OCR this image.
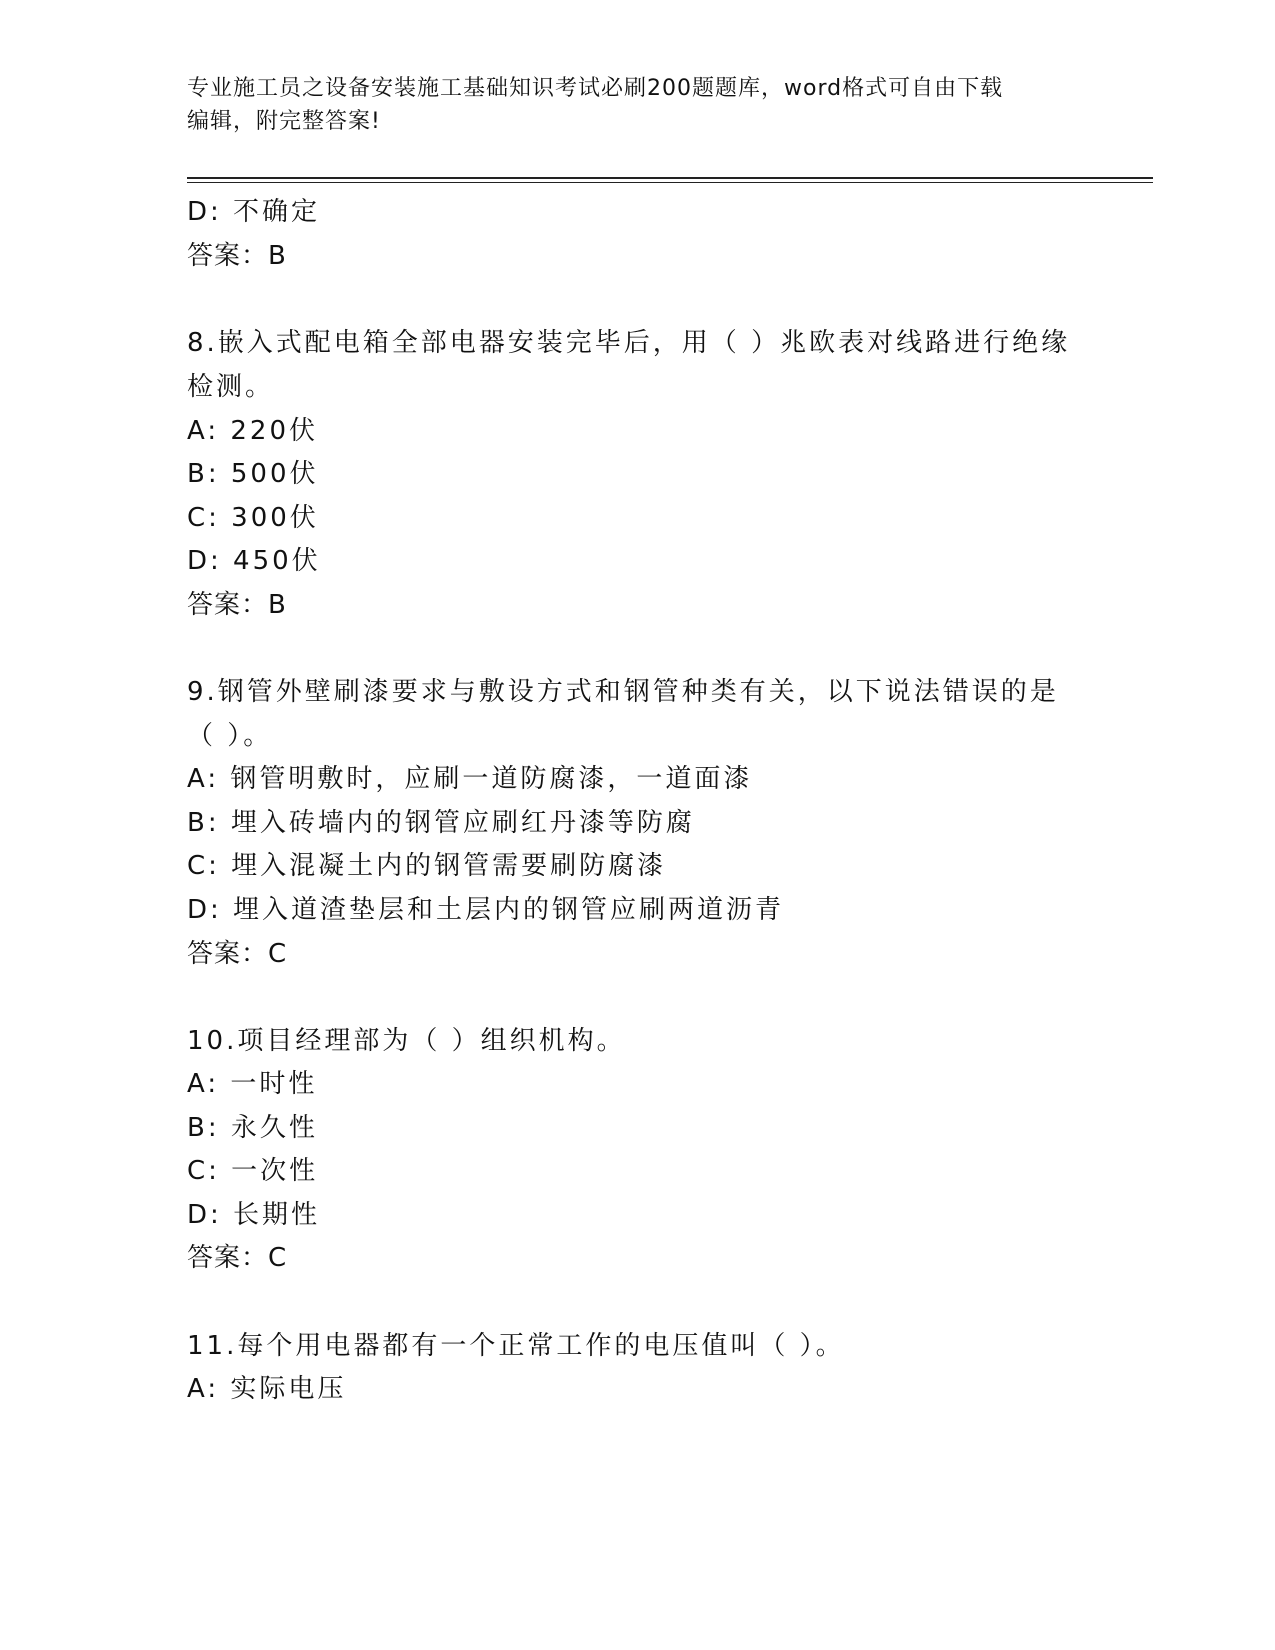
专业施工员之设备安装施工基础知识考试必刷200题题库，word格式可自由下载
编辑，附完整答案!
D: 不确定
答案：B
8.嵌入式配电箱全部电器安装完毕后，用（ ）兆欧表对线路进行绝缘
检测。
A: 220伏
B: 500伏
C: 300伏
D: 450伏
答案：B
9.钢管外壁刷漆要求与敷设方式和钢管种类有关，以下说法错误的是
（ ）。
A: 钢管明敷时，应刷一道防腐漆，一道面漆
B: 埋入砖墙内的钢管应刷红丹漆等防腐
C: 埋入混凝土内的钢管需要刷防腐漆
D: 埋入道渣垫层和土层内的钢管应刷两道沥青
答案：C
10.项目经理部为（ ）组织机构。
A: 一时性
B: 永久性
C: 一次性
D: 长期性
答案：C
11.每个用电器都有一个正常工作的电压值叫（ ）。
A: 实际电压
